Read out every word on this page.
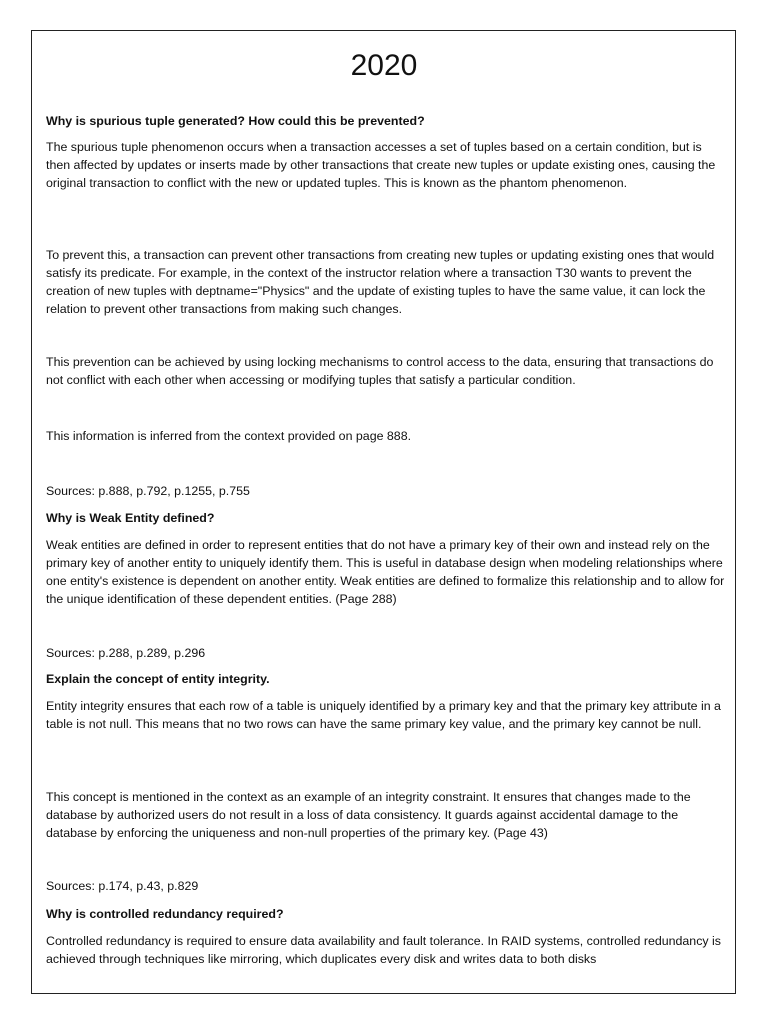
2020

Why is spurious tuple generated? How could this be prevented?

The spurious tuple phenomenon occurs when a transaction accesses a set of tuples based on a certain condition, but is then affected by updates or inserts made by other transactions that create new tuples or update existing ones, causing the original transaction to conflict with the new or updated tuples. This is known as the phantom phenomenon.

To prevent this, a transaction can prevent other transactions from creating new tuples or updating existing ones that would satisfy its predicate. For example, in the context of the instructor relation where a transaction T30 wants to prevent the creation of new tuples with deptname="Physics" and the update of existing tuples to have the same value, it can lock the relation to prevent other transactions from making such changes.

This prevention can be achieved by using locking mechanisms to control access to the data, ensuring that transactions do not conflict with each other when accessing or modifying tuples that satisfy a particular condition.

This information is inferred from the context provided on page 888.

Sources: p.888, p.792, p.1255, p.755

Why is Weak Entity defined?

Weak entities are defined in order to represent entities that do not have a primary key of their own and instead rely on the primary key of another entity to uniquely identify them. This is useful in database design when modeling relationships where one entity's existence is dependent on another entity. Weak entities are defined to formalize this relationship and to allow for the unique identification of these dependent entities. (Page 288)

Sources: p.288, p.289, p.296

Explain the concept of entity integrity.

Entity integrity ensures that each row of a table is uniquely identified by a primary key and that the primary key attribute in a table is not null. This means that no two rows can have the same primary key value, and the primary key cannot be null.

This concept is mentioned in the context as an example of an integrity constraint. It ensures that changes made to the database by authorized users do not result in a loss of data consistency. It guards against accidental damage to the database by enforcing the uniqueness and non-null properties of the primary key. (Page 43)

Sources: p.174, p.43, p.829

Why is controlled redundancy required?

Controlled redundancy is required to ensure data availability and fault tolerance. In RAID systems, controlled redundancy is achieved through techniques like mirroring, which duplicates every disk and writes data to both disks
